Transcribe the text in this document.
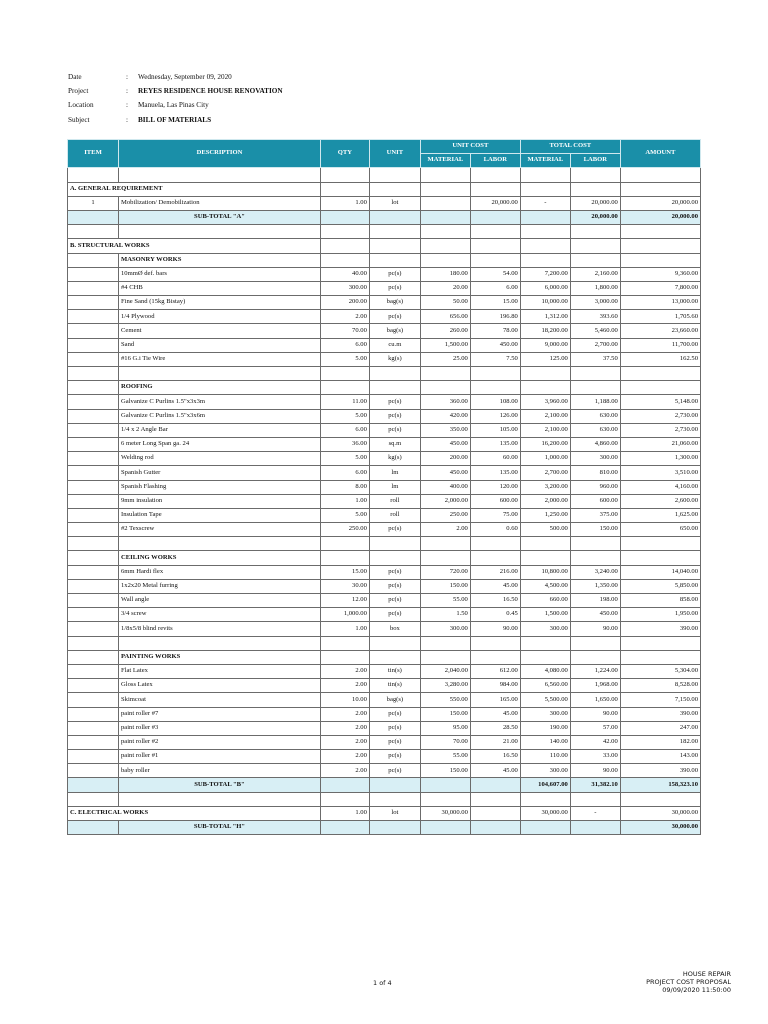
Date	:	Wednesday, September 09, 2020
Project	:	REYES RESIDENCE HOUSE RENOVATION
Location	:	Manuela, Las Pinas City
Subject	:	BILL OF MATERIALS
ITEM	DESCRIPTION	QTY	UNIT	UNIT COST		TOTAL COST		AMOUNT
				MATERIAL	LABOR	MATERIAL	LABOR	

A. GENERAL REQUIREMENT								
1	Mobilization/ Demobilization	1.00	lot		20,000.00	-	20,000.00	20,000.00
	SUB-TOTAL "A"						20,000.00	20,000.00

B. STRUCTURAL WORKS								
	MASONRY WORKS							
	10mmØ def. bars	40.00	pc(s)	180.00	54.00	7,200.00	2,160.00	9,360.00
	#4 CHB	300.00	pc(s)	20.00	6.00	6,000.00	1,800.00	7,800.00
	Fine Sand (15kg Bistay)	200.00	bag(s)	50.00	15.00	10,000.00	3,000.00	13,000.00
	1/4 Plywood	2.00	pc(s)	656.00	196.80	1,312.00	393.60	1,705.60
	Cement	70.00	bag(s)	260.00	78.00	18,200.00	5,460.00	23,660.00
	Sand	6.00	cu.m	1,500.00	450.00	9,000.00	2,700.00	11,700.00
	#16 G.i Tie Wire	5.00	kg(s)	25.00	7.50	125.00	37.50	162.50

	ROOFING							
	Galvanize C Purlins 1.5"x3x3m	11.00	pc(s)	360.00	108.00	3,960.00	1,188.00	5,148.00
	Galvanize C Purlins 1.5"x3x6m	5.00	pc(s)	420.00	126.00	2,100.00	630.00	2,730.00
	1/4 x 2 Angle Bar	6.00	pc(s)	350.00	105.00	2,100.00	630.00	2,730.00
	6 meter Long Span ga. 24	36.00	sq.m	450.00	135.00	16,200.00	4,860.00	21,060.00
	Welding rod	5.00	kg(s)	200.00	60.00	1,000.00	300.00	1,300.00
	Spanish Gutter	6.00	lm	450.00	135.00	2,700.00	810.00	3,510.00
	Spanish Flashing	8.00	lm	400.00	120.00	3,200.00	960.00	4,160.00
	9mm insulation	1.00	roll	2,000.00	600.00	2,000.00	600.00	2,600.00
	Insulation Tape	5.00	roll	250.00	75.00	1,250.00	375.00	1,625.00
	#2 Texscrew	250.00	pc(s)	2.00	0.60	500.00	150.00	650.00

	CEILING WORKS							
	6mm Hardi flex	15.00	pc(s)	720.00	216.00	10,800.00	3,240.00	14,040.00
	1x2x20 Metal furring	30.00	pc(s)	150.00	45.00	4,500.00	1,350.00	5,850.00
	Wall angle	12.00	pc(s)	55.00	16.50	660.00	198.00	858.00
	3/4 screw	1,000.00	pc(s)	1.50	0.45	1,500.00	450.00	1,950.00
	1/8x5/8 blind revits	1.00	box	300.00	90.00	300.00	90.00	390.00

	PAINTING WORKS							
	Flat Latex	2.00	tin(s)	2,040.00	612.00	4,080.00	1,224.00	5,304.00
	Gloss Latex	2.00	tin(s)	3,280.00	984.00	6,560.00	1,968.00	8,528.00
	Skimcoat	10.00	bag(s)	550.00	165.00	5,500.00	1,650.00	7,150.00
	paint roller #7	2.00	pc(s)	150.00	45.00	300.00	90.00	390.00
	paint roller #3	2.00	pc(s)	95.00	28.50	190.00	57.00	247.00
	paint roller #2	2.00	pc(s)	70.00	21.00	140.00	42.00	182.00
	paint roller #1	2.00	pc(s)	55.00	16.50	110.00	33.00	143.00
	baby roller	2.00	pc(s)	150.00	45.00	300.00	90.00	390.00
	SUB-TOTAL "B"					104,607.00	31,382.10	158,323.10

C. ELECTRICAL WORKS		1.00	lot	30,000.00		30,000.00	-	30,000.00
	SUB-TOTAL "H"							30,000.00
1 of 4
HOUSE REPAIR
PROJECT COST PROPOSAL
09/09/2020 11:50:00
